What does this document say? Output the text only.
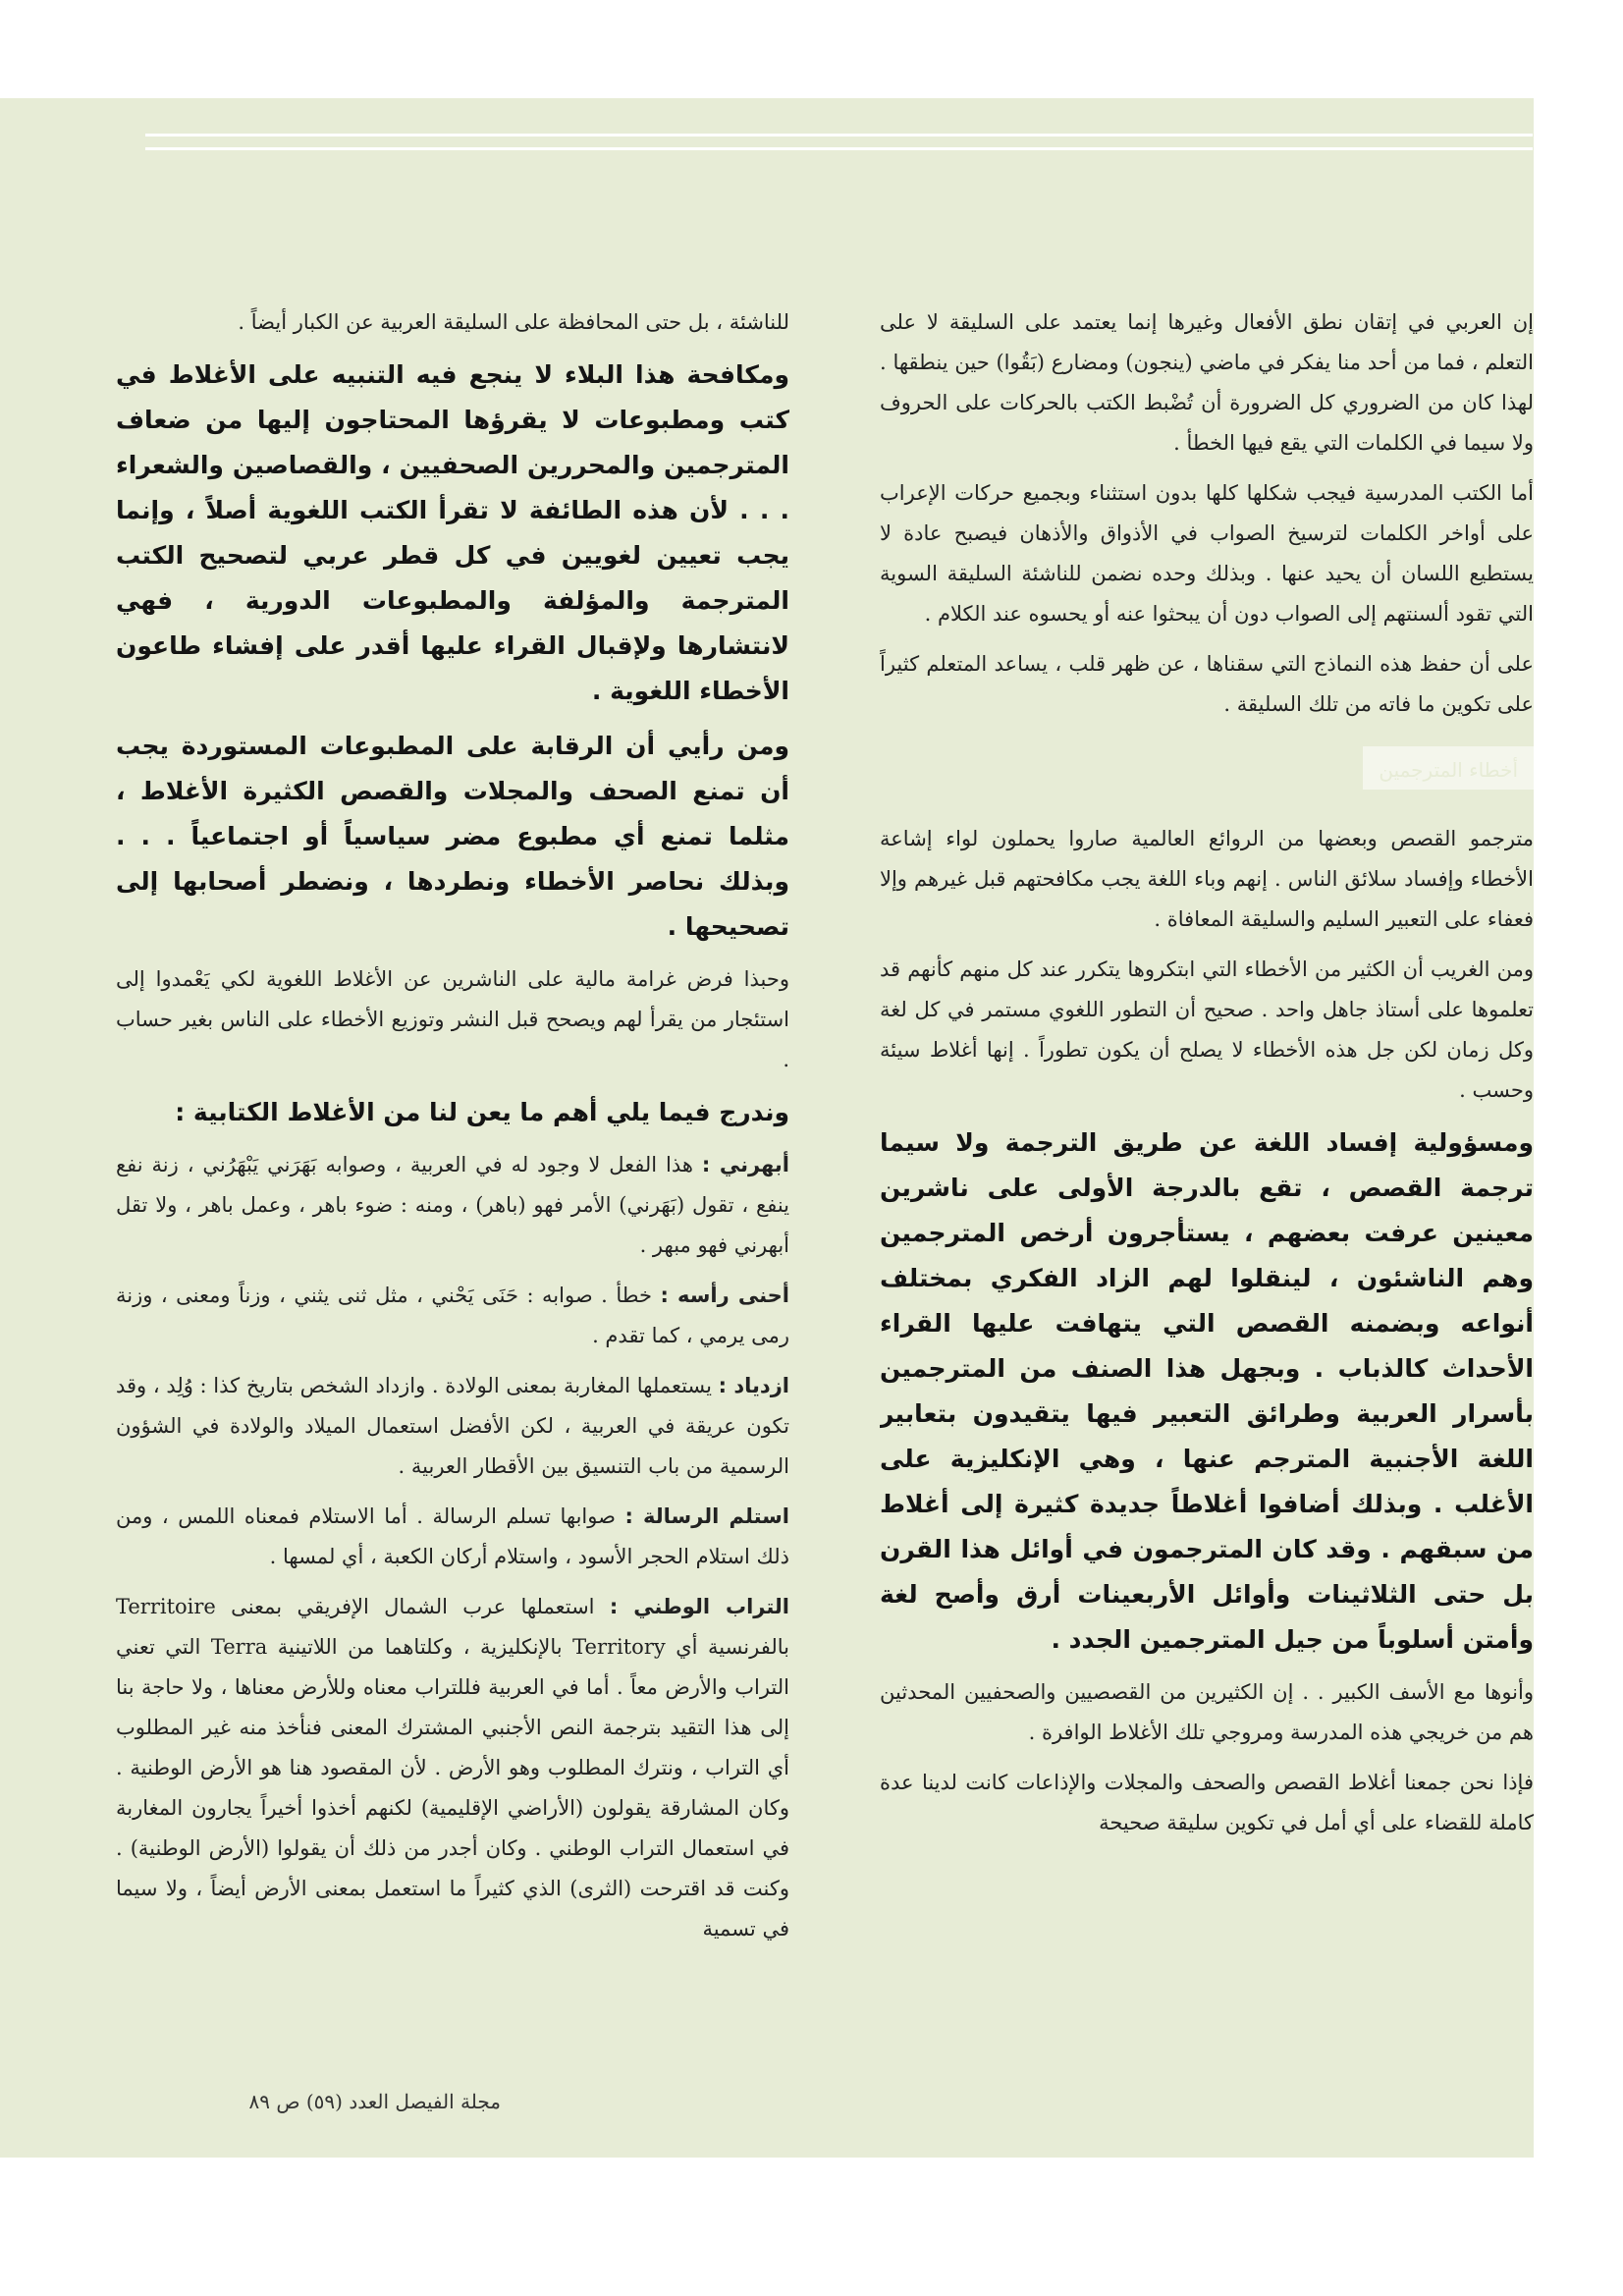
إن العربي في إتقان نطق الأفعال وغيرها إنما يعتمد على السليقة لا على التعلم ، فما من أحد منا يفكر في ماضي (ينجون) ومضارع (بَقُوا) حين ينطقها . لهذا كان من الضروري كل الضرورة أن تُضْبط الكتب بالحركات على الحروف ولا سيما في الكلمات التي يقع فيها الخطأ .

أما الكتب المدرسية فيجب شكلها كلها بدون استثناء وبجميع حركات الإعراب على أواخر الكلمات لترسيخ الصواب في الأذواق والأذهان فيصبح عادة لا يستطيع اللسان أن يحيد عنها . وبذلك وحده نضمن للناشئة السليقة السوية التي تقود ألسنتهم إلى الصواب دون أن يبحثوا عنه أو يحسوه عند الكلام .

على أن حفظ هذه النماذج التي سقناها ، عن ظهر قلب ، يساعد المتعلم كثيراً على تكوين ما فاته من تلك السليقة .

أخطاء المترجمين

مترجمو القصص وبعضها من الروائع العالمية صاروا يحملون لواء إشاعة الأخطاء وإفساد سلائق الناس . إنهم وباء اللغة يجب مكافحتهم قبل غيرهم وإلا فعفاء على التعبير السليم والسليقة المعافاة .

ومن الغريب أن الكثير من الأخطاء التي ابتكروها يتكرر عند كل منهم كأنهم قد تعلموها على أستاذ جاهل واحد . صحيح أن التطور اللغوي مستمر في كل لغة وكل زمان لكن جل هذه الأخطاء لا يصلح أن يكون تطوراً . إنها أغلاط سيئة وحسب .

ومسؤولية إفساد اللغة عن طريق الترجمة ولا سيما ترجمة القصص ، تقع بالدرجة الأولى على ناشرين معينين عرفت بعضهم ، يستأجرون أرخص المترجمين وهم الناشئون ، لينقلوا لهم الزاد الفكري بمختلف أنواعه وبضمنه القصص التي يتهافت عليها القراء الأحداث كالذباب . وبجهل هذا الصنف من المترجمين بأسرار العربية وطرائق التعبير فيها يتقيدون بتعابير اللغة الأجنبية المترجم عنها ، وهي الإنكليزية على الأغلب . وبذلك أضافوا أغلاطاً جديدة كثيرة إلى أغلاط من سبقهم . وقد كان المترجمون في أوائل هذا القرن بل حتى الثلاثينات وأوائل الأربعينات أرق وأصح لغة وأمتن أسلوباً من جيل المترجمين الجدد .

وأنوها مع الأسف الكبير . . إن الكثيرين من القصصيين والصحفيين المحدثين هم من خريجي هذه المدرسة ومروجي تلك الأغلاط الوافرة .

فإذا نحن جمعنا أغلاط القصص والصحف والمجلات والإذاعات كانت لدينا عدة كاملة للقضاء على أي أمل في تكوين سليقة صحيحة

للناشئة ، بل حتى المحافظة على السليقة العربية عن الكبار أيضاً .

ومكافحة هذا البلاء لا ينجع فيه التنبيه على الأغلاط في كتب ومطبوعات لا يقرؤها المحتاجون إليها من ضعاف المترجمين والمحررين الصحفيين ، والقصاصين والشعراء . . . لأن هذه الطائفة لا تقرأ الكتب اللغوية أصلاً ، وإنما يجب تعيين لغويين في كل قطر عربي لتصحيح الكتب المترجمة والمؤلفة والمطبوعات الدورية ، فهي لانتشارها ولإقبال القراء عليها أقدر على إفشاء طاعون الأخطاء اللغوية .

ومن رأيي أن الرقابة على المطبوعات المستوردة يجب أن تمنع الصحف والمجلات والقصص الكثيرة الأغلاط ، مثلما تمنع أي مطبوع مضر سياسياً أو اجتماعياً . . . وبذلك نحاصر الأخطاء ونطردها ، ونضطر أصحابها إلى تصحيحها .

وحبذا فرض غرامة مالية على الناشرين عن الأغلاط اللغوية لكي يَعْمدوا إلى استئجار من يقرأ لهم ويصحح قبل النشر وتوزيع الأخطاء على الناس بغير حساب .

وندرج فيما يلي أهم ما يعن لنا من الأغلاط الكتابية :

أبهرني : هذا الفعل لا وجود له في العربية ، وصوابه بَهَرَني يَبْهَرُني ، زنة نفع ينفع ، تقول (بَهَرني) الأمر فهو (باهر) ، ومنه : ضوء باهر ، وعمل باهر ، ولا تقل أبهرني فهو مبهر .

أحنى رأسه : خطأ . صوابه : حَنَى يَحْني ، مثل ثنى يثني ، وزناً ومعنى ، وزنة رمى يرمي ، كما تقدم .

ازدياد : يستعملها المغاربة بمعنى الولادة . وازداد الشخص بتاريخ كذا : وُلِد ، وقد تكون عريقة في العربية ، لكن الأفضل استعمال الميلاد والولادة في الشؤون الرسمية من باب التنسيق بين الأقطار العربية .

استلم الرسالة : صوابها تسلم الرسالة . أما الاستلام فمعناه اللمس ، ومن ذلك استلام الحجر الأسود ، واستلام أركان الكعبة ، أي لمسها .

التراب الوطني : استعملها عرب الشمال الإفريقي بمعنى Territoire بالفرنسية أي Territory بالإنكليزية ، وكلتاهما من اللاتينية Terra التي تعني التراب والأرض معاً . أما في العربية فللتراب معناه وللأرض معناها ، ولا حاجة بنا إلى هذا التقيد بترجمة النص الأجنبي المشترك المعنى فنأخذ منه غير المطلوب أي التراب ، ونترك المطلوب وهو الأرض . لأن المقصود هنا هو الأرض الوطنية . وكان المشارقة يقولون (الأراضي الإقليمية) لكنهم أخذوا أخيراً يجارون المغاربة في استعمال التراب الوطني . وكان أجدر من ذلك أن يقولوا (الأرض الوطنية) . وكنت قد اقترحت (الثرى) الذي كثيراً ما استعمل بمعنى الأرض أيضاً ، ولا سيما في تسمية

مجلة الفيصل العدد (٥٩) ص ٨٩
